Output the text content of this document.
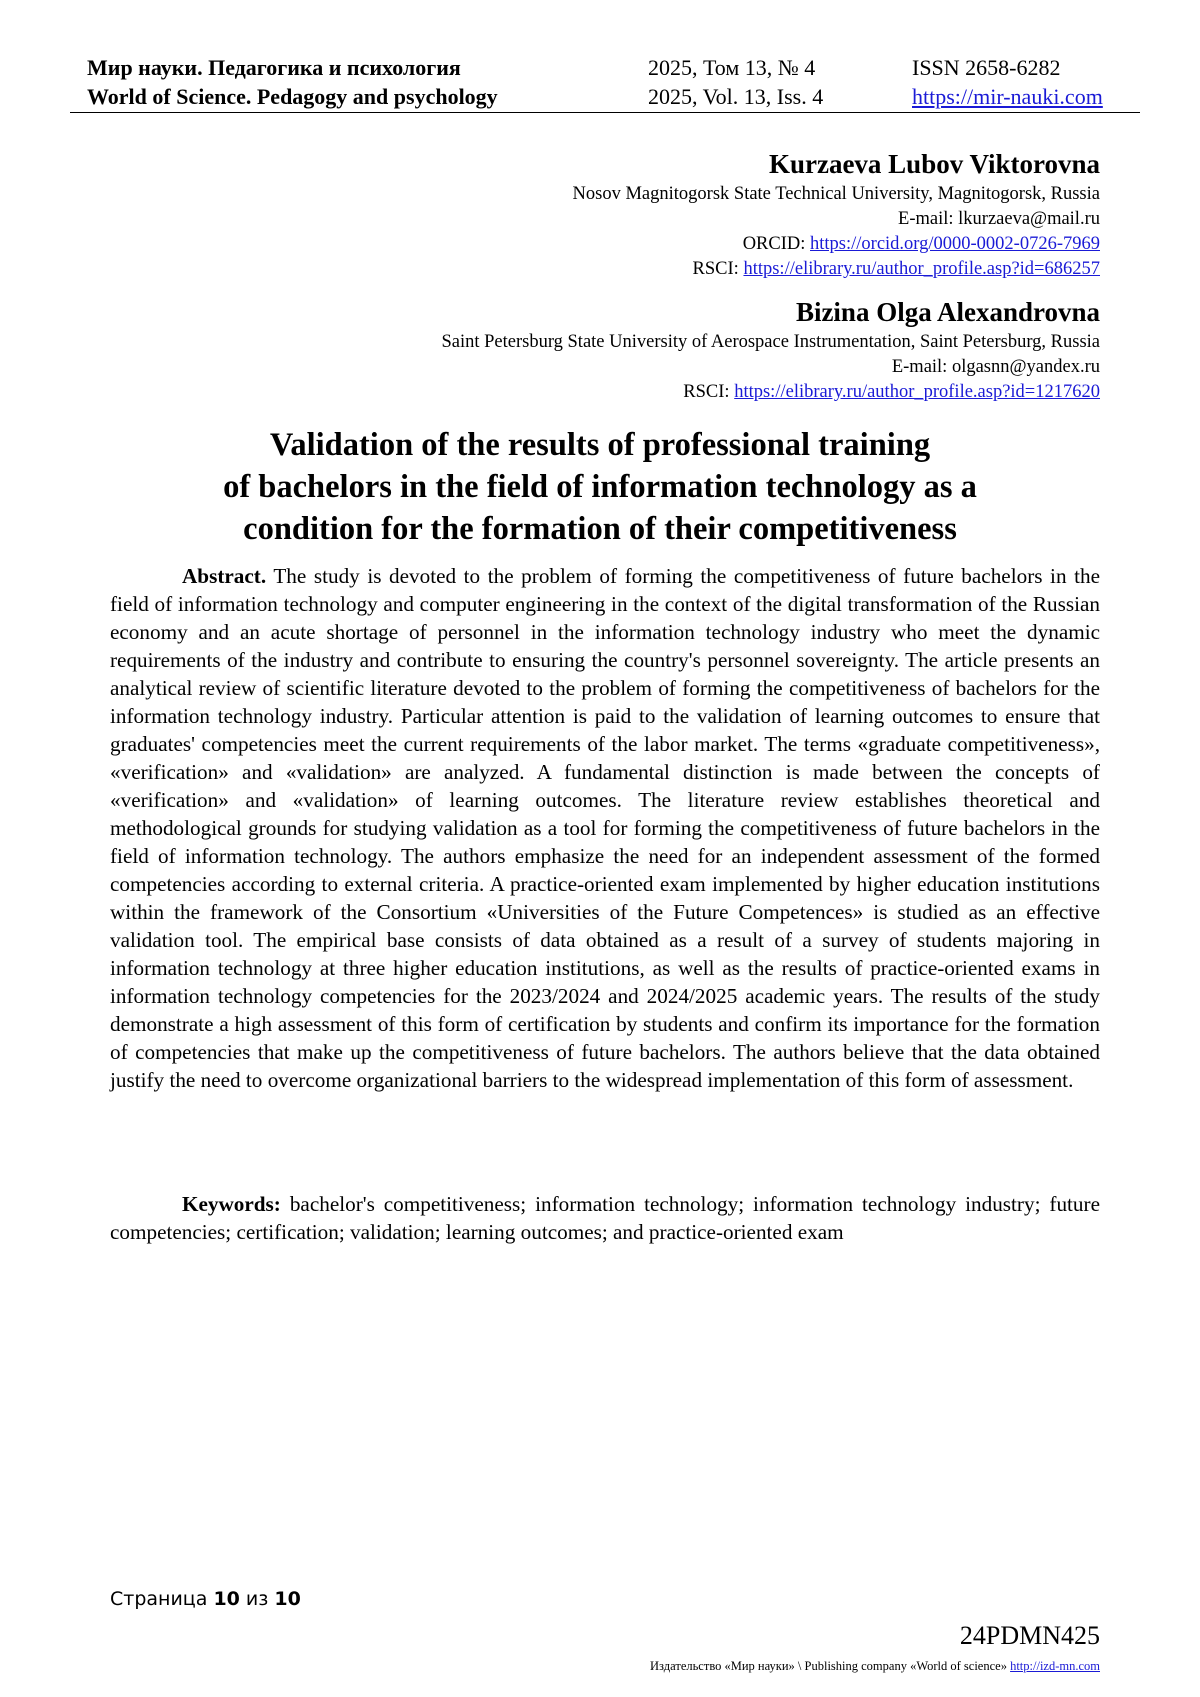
Мир науки. Педагогика и психология
World of Science. Pedagogy and psychology
2025, Том 13, № 4
2025, Vol. 13, Iss. 4
ISSN 2658-6282
https://mir-nauki.com
Kurzaeva Lubov Viktorovna
Nosov Magnitogorsk State Technical University, Magnitogorsk, Russia
E-mail: lkurzaeva@mail.ru
ORCID: https://orcid.org/0000-0002-0726-7969
RSCI: https://elibrary.ru/author_profile.asp?id=686257
Bizina Olga Alexandrovna
Saint Petersburg State University of Aerospace Instrumentation, Saint Petersburg, Russia
E-mail: olgasnn@yandex.ru
RSCI: https://elibrary.ru/author_profile.asp?id=1217620
Validation of the results of professional training
of bachelors in the field of information technology as a
condition for the formation of their competitiveness
Abstract. The study is devoted to the problem of forming the competitiveness of future bachelors in the field of information technology and computer engineering in the context of the digital transformation of the Russian economy and an acute shortage of personnel in the information technology industry who meet the dynamic requirements of the industry and contribute to ensuring the country's personnel sovereignty. The article presents an analytical review of scientific literature devoted to the problem of forming the competitiveness of bachelors for the information technology industry. Particular attention is paid to the validation of learning outcomes to ensure that graduates' competencies meet the current requirements of the labor market. The terms «graduate competitiveness», «verification» and «validation» are analyzed. A fundamental distinction is made between the concepts of «verification» and «validation» of learning outcomes. The literature review establishes theoretical and methodological grounds for studying validation as a tool for forming the competitiveness of future bachelors in the field of information technology. The authors emphasize the need for an independent assessment of the formed competencies according to external criteria. A practice-oriented exam implemented by higher education institutions within the framework of the Consortium «Universities of the Future Competences» is studied as an effective validation tool. The empirical base consists of data obtained as a result of a survey of students majoring in information technology at three higher education institutions, as well as the results of practice-oriented exams in information technology competencies for the 2023/2024 and 2024/2025 academic years. The results of the study demonstrate a high assessment of this form of certification by students and confirm its importance for the formation of competencies that make up the competitiveness of future bachelors. The authors believe that the data obtained justify the need to overcome organizational barriers to the widespread implementation of this form of assessment.
Keywords: bachelor's competitiveness; information technology; information technology industry; future competencies; certification; validation; learning outcomes; and practice-oriented exam
Страница 10 из 10
24PDMN425
Издательство «Мир науки» \ Publishing company «World of science» http://izd-mn.com
